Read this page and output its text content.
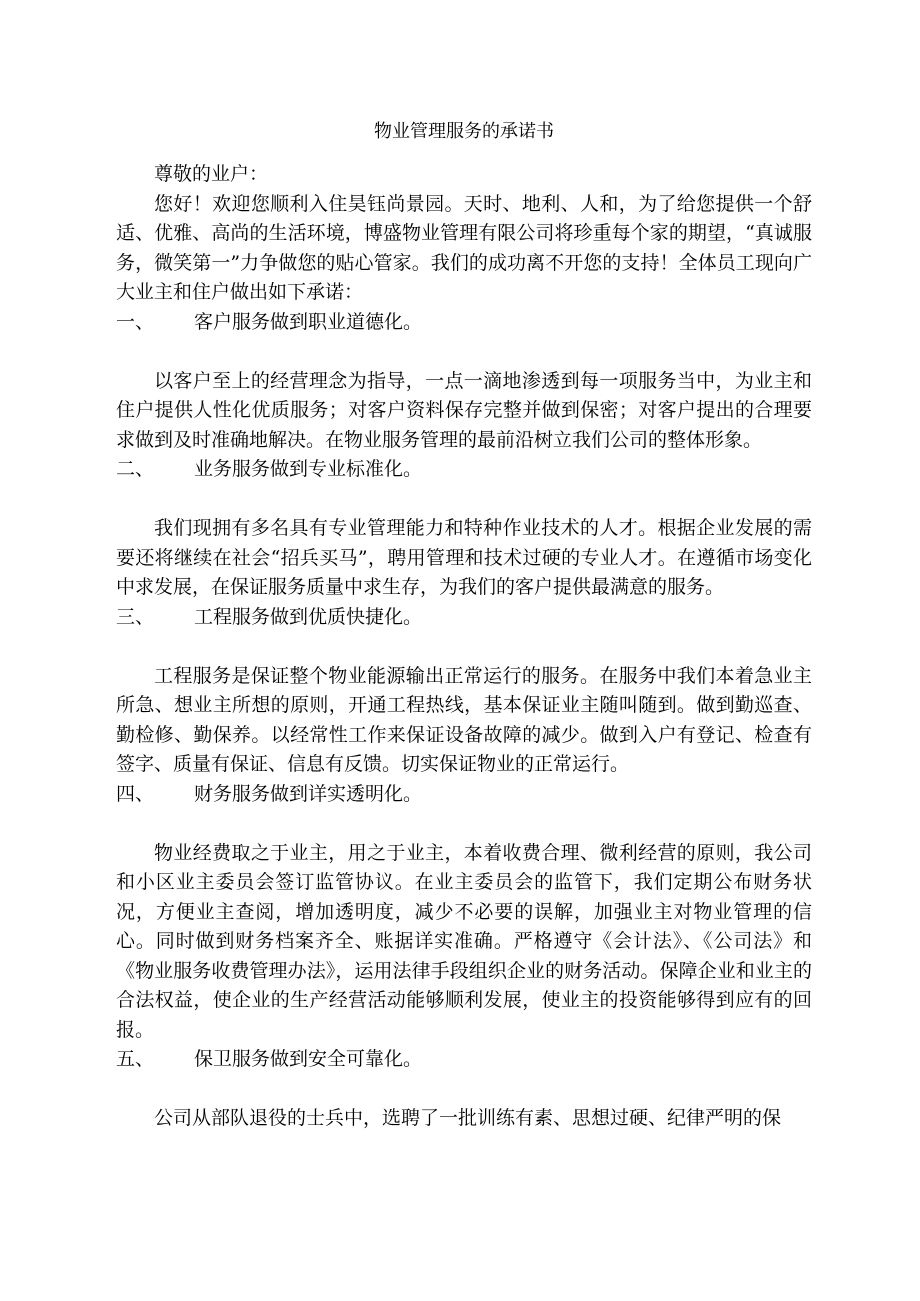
物业管理服务的承诺书

尊敬的业户：

您好！欢迎您顺利入住昊钰尚景园。天时、地利、人和，为了给您提供一个舒适、优雅、高尚的生活环境，博盛物业管理有限公司将珍重每个家的期望，“真诚服务，微笑第一”力争做您的贴心管家。我们的成功离不开您的支持！全体员工现向广大业主和住户做出如下承诺：

一、	客户服务做到职业道德化。

以客户至上的经营理念为指导，一点一滴地渗透到每一项服务当中，为业主和住户提供人性化优质服务；对客户资料保存完整并做到保密；对客户提出的合理要求做到及时准确地解决。在物业服务管理的最前沿树立我们公司的整体形象。

二、	业务服务做到专业标准化。

我们现拥有多名具有专业管理能力和特种作业技术的人才。根据企业发展的需要还将继续在社会“招兵买马”，聘用管理和技术过硬的专业人才。在遵循市场变化中求发展，在保证服务质量中求生存，为我们的客户提供最满意的服务。

三、	工程服务做到优质快捷化。

工程服务是保证整个物业能源输出正常运行的服务。在服务中我们本着急业主所急、想业主所想的原则，开通工程热线，基本保证业主随叫随到。做到勤巡查、勤检修、勤保养。以经常性工作来保证设备故障的减少。做到入户有登记、检查有签字、质量有保证、信息有反馈。切实保证物业的正常运行。

四、	财务服务做到详实透明化。

物业经费取之于业主，用之于业主，本着收费合理、微利经营的原则，我公司和小区业主委员会签订监管协议。在业主委员会的监管下，我们定期公布财务状况，方便业主查阅，增加透明度，减少不必要的误解，加强业主对物业管理的信心。同时做到财务档案齐全、账据详实准确。严格遵守《会计法》、《公司法》和《物业服务收费管理办法》，运用法律手段组织企业的财务活动。保障企业和业主的合法权益，使企业的生产经营活动能够顺利发展，使业主的投资能够得到应有的回报。

五、	保卫服务做到安全可靠化。

公司从部队退役的士兵中，选聘了一批训练有素、思想过硬、纪律严明的保
